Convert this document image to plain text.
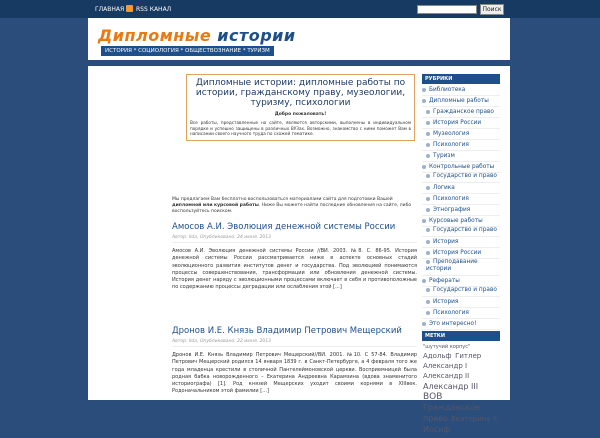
ГЛАВНАЯ RSS КАНАЛ	Поиск
Дипломные истории
ИСТОРИЯ * СОЦИОЛОГИЯ * ОБЩЕСТВОЗНАНИЕ * ТУРИЗМ
Дипломные истории: дипломные работы по истории, гражданскому праву, музеологии, туризму, психологии
Добро пожаловать!
Все работы, представленные на сайте, являются авторскими, выполнены в индивидуальном порядке и успешно защищены в различных ВУЗах. Возможно, знакомство с ними поможет Вам в написании своего научного труда по схожей тематике.
Мы предлагаем Вам бесплатно воспользоваться материалами сайта для подготовки Вашей дипломной или курсовой работы. Ниже Вы можете найти последние обновления на сайте, либо воспользуйтесь поиском.
Амосов А.И. Эволюция денежной системы России
Автор: llda, Опубликовано: 24 июня, 2013
Амосов А.И. Эволюция денежной системы России //ВИ. 2003. №8. С. 86-95. История денежной системы России рассматривается ниже в аспекте основных стадий эволюционного развития институтов денег и государства. Под эволюцией понимаются процессы совершенствования, трансформации или обновления денежной системы. История денег наряду с эволюционными процессами включает в себя и противоположные по содержанию процессы деградации или ослабления этой [...]
Дронов И.Е. Князь Владимир Петрович Мещерский
Автор: llda, Опубликовано: 22 июня, 2013
Дронов И.Е. Князь Владимир Петрович Мещерский//ВИ. 2001. №10. С 57-84. Владимир Петрович Мещерский родился 14 января 1839 г. в Санкт-Петербурге, а 4 февраля того же года младенца крестили в столичной Пантелеймоновской церкви. Восприемницей была родная бабка новорожденного – Екатерина Андреевна Карамзина (вдова знаменитого историографа) [1]. Род князей Мещерских уходит своими корнями в XIIIвек. Родоначальником этой фамилии [...]
РУБРИКИ
Библиотека
Дипломные работы
Гражданское право
История России
Музеология
Психология
Туризм
Контрольные работы
Государство и право
Логика
Психология
Этнография
Курсовые работы
Государство и право
История
История России
Преподавание истории
Рефераты
Государство и право
История
Психология
Это интересно!
МЕТКИ
"шутучий корпус" Адольф Гитлер Александр I Александр II Александр III ВОВ Гражданское право Екатерина II Иосиф
